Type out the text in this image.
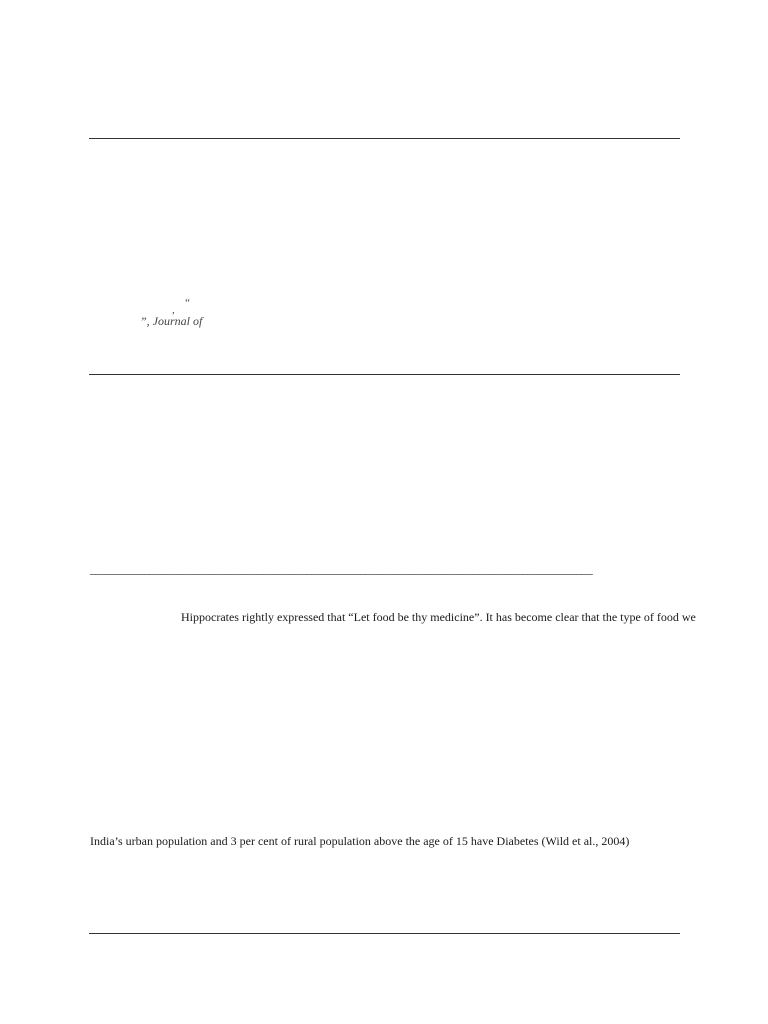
“
,
”, Journal of
_____________________________________________________________________________________________
Hippocrates rightly expressed that “Let food be thy medicine”. It has become clear that the type of food we
India’s urban population and 3 per cent of rural population above the age of 15 have Diabetes (Wild et al., 2004)
